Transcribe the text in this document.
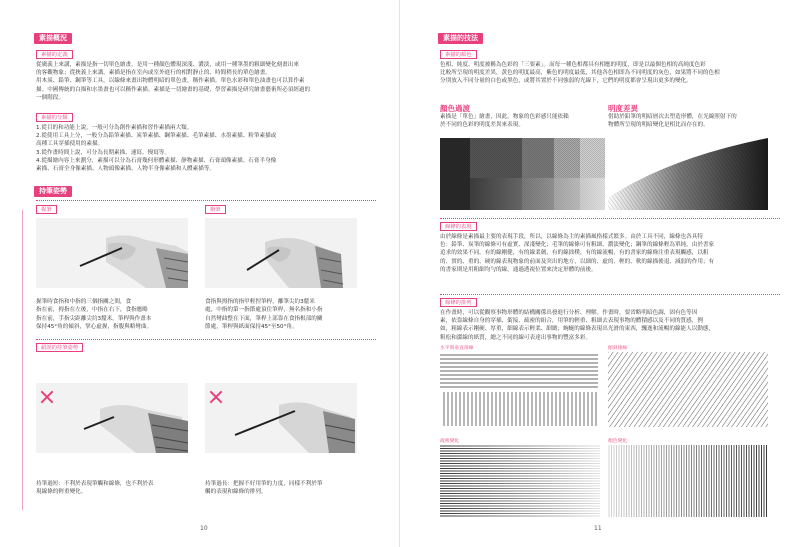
素描概況
素描的定義
從廣義上來講，素描是指一切單色繪畫，是用一種顏色體現深淺、濃淡，或用一種筆墨的粗細變化刻畫出來
的客觀物象；從狹義上來講，素描是指在室內或室外進行的相對靜止的、時間稍長的單色繪畫。
用木炭、鉛筆、鋼筆等工具，以線條來畫出物體明暗的單色畫，稱作素描。單色水彩和單色油畫也可以算作素
描。中國傳統的白描和水墨畫也可以稱作素描。素描是一切繪畫的基礎，學習素描是研究繪畫藝術所必須經過的
一個階段。
素描的分類
1.從目的和功能上說，一般可分為創作素描和習作素描兩大類。
2.從使用工具上分，一般分為鉛筆素描、炭筆素描、鋼筆素描、毛筆素描、水墨素描、粉筆素描或
高種工具穿插使用的素描。
3.從作畫時間上說，可分為長期素描、速寫、慢寫等。
4.從描繪內容上來劃分，素描可以分為石膏幾何形體素描、靜物素描、石膏頭像素描、石膏半身像
素描、石膏全身像素描、人物頭像素描、人物半身像素描和人體素描等。
持筆姿勢
握筆	撥筆
握筆時食指和中指的三個指關之間，食
指在前，拇指在左後，中指在右下，食指應略
指在前，手指尖距離尖約3釐米。筆桿與作畫本
保持45°角的傾斜，掌心虛握，指腹與略彎曲。
食指與拇指的指甲輕捏筆桿，離筆尖約3釐米
處，中指的第一指節處頂住筆桿，無名指和小指
自然彎曲整在下面，筆桿上部靠在食指根部的關
節處，筆桿與紙面保持45°至50°角。
錯誤的持筆姿勢
持筆過短：不利於表現筆觸和線條，也不利於表
現線條的輕重變化。
持筆過長：把握不好用筆的力度，同樣不利於筆
觸的表現和線條的排列。
10
素描的技法
素描的顏色
色相、純度、明度被稱為色彩的「三要素」。而每一種色相都具有相應的明度，即是以最個色相的高純度色彩
比較所呈現的明度差異，黃色的明度最高，紫色的明度最低，其他各色相即為不同明度的灰色，如果將不同的色相
分別放入不同分量的白色或黑色，或將其置於不同強弱的光線下，它們的明度都會呈現出更多的變化。
顏色過渡
素描是「單色」繪畫，因此，物象的色彩感只能依賴
於不同的色彩的明度差異來表現。
明度差異
借助於鉛筆的明暗層次去塑造形體，在光線照射下的
物體所呈現的明暗變化是相比而存在的。
線條的表現
由於線條是素描最主要的表現手段，所以，以線條為主的素描風格樣式繁多。由於工具不同，線條也各具特
色：鉛筆、炭筆的線條可有虛實、深淺變化；毛筆的線條可有粗細、濃淡變化；鋼筆的線條輕為單純，由於書家
追求的效果不同，有的線剛健，有的線柔韌，有的線拙樸，有的線流暢，有的書家的線條注重表現觸感，以粗
的、實的、重的、硬的線表現物象的前面及突出的地方，以細的、虛的、輕的、軟的線描後退、減弱的作用；有
的書家則是用粗細均勻的線，通過透視位置來決定形體的前後。
線條的排列
在作畫時，可以從觀察事物形體的結構關係出發進行分析、理解。作畫時，要省略明暗色調，固有色等因
素，依靠線條自身的穿插、銜接、疏密的組合，用筆的輕重、粗細去表現事物的體積感以及不同的質感，例
如，粗線表示剛硬、厚重，細線表示輕柔、細緻；蜿蜒的線條表現出光滑的東西，飄逸和流暢的線能人以動態，
粗松和澀線的紙質，總之不同的線可表達出事物的豐富多彩。
水平與垂直排線	傾斜排線
疏密變化	顏色變化
11
